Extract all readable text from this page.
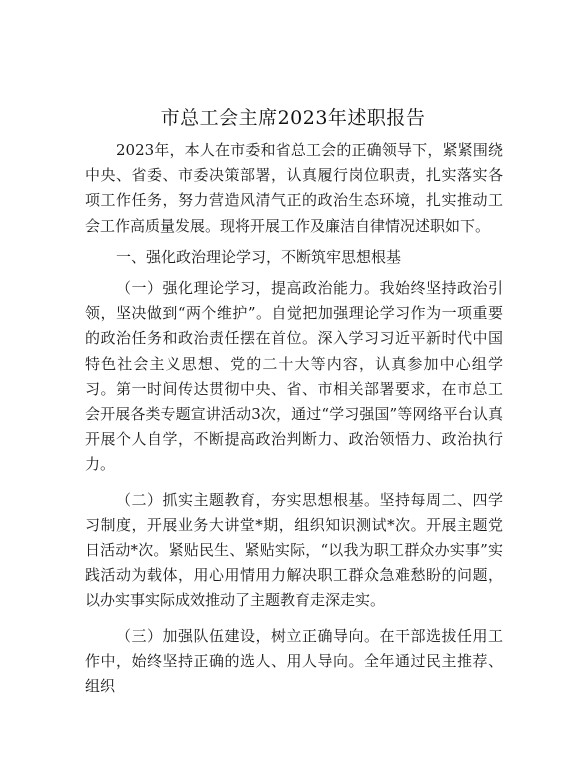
市总工会主席2023年述职报告

2023年，本人在市委和省总工会的正确领导下，紧紧围绕中央、省委、市委决策部署，认真履行岗位职责，扎实落实各项工作任务，努力营造风清气正的政治生态环境，扎实推动工会工作高质量发展。现将开展工作及廉洁自律情况述职如下。

一、强化政治理论学习，不断筑牢思想根基

（一）强化理论学习，提高政治能力。我始终坚持政治引领，坚决做到“两个维护”。自觉把加强理论学习作为一项重要的政治任务和政治责任摆在首位。深入学习习近平新时代中国特色社会主义思想、党的二十大等内容，认真参加中心组学习。第一时间传达贯彻中央、省、市相关部署要求，在市总工会开展各类专题宣讲活动3次，通过“学习强国”等网络平台认真开展个人自学，不断提高政治判断力、政治领悟力、政治执行力。

（二）抓实主题教育，夯实思想根基。坚持每周二、四学习制度，开展业务大讲堂*期，组织知识测试*次。开展主题党日活动*次。紧贴民生、紧贴实际，“以我为职工群众办实事”实践活动为载体，用心用情用力解决职工群众急难愁盼的问题，以办实事实际成效推动了主题教育走深走实。

（三）加强队伍建设，树立正确导向。在干部选拔任用工作中，始终坚持正确的选人、用人导向。全年通过民主推荐、组织
